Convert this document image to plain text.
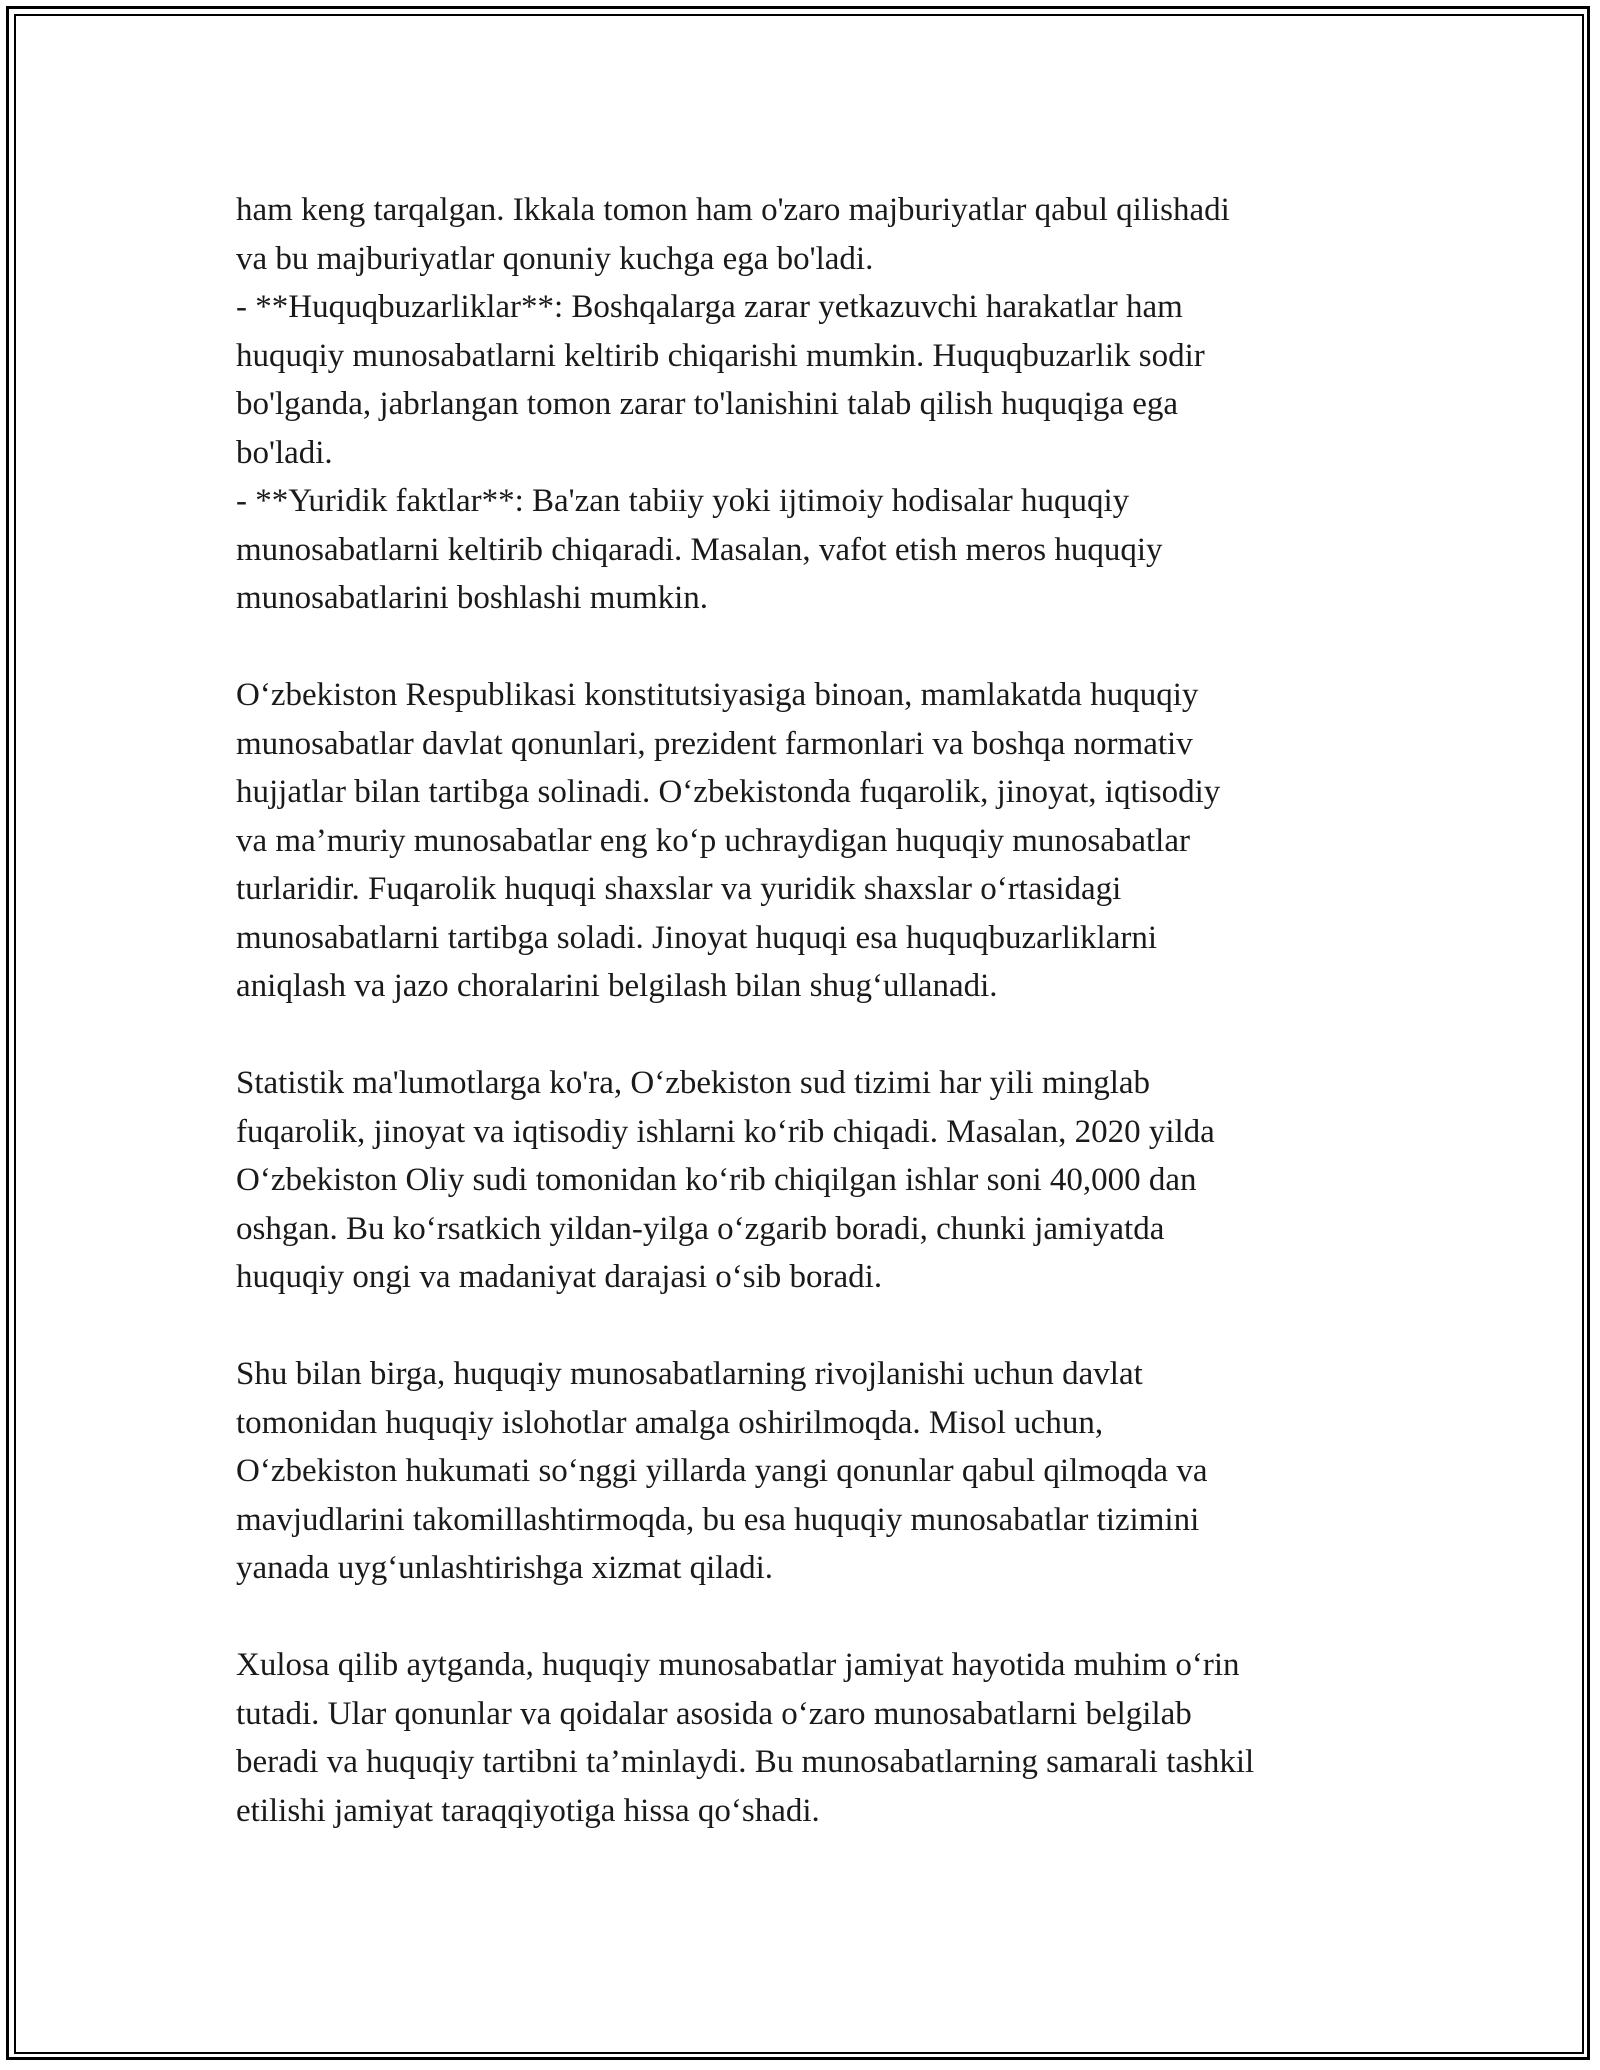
ham keng tarqalgan. Ikkala tomon ham o'zaro majburiyatlar qabul qilishadi
va bu majburiyatlar qonuniy kuchga ega bo'ladi.
- **Huquqbuzarliklar**: Boshqalarga zarar yetkazuvchi harakatlar ham
huquqiy munosabatlarni keltirib chiqarishi mumkin. Huquqbuzarlik sodir
bo'lganda, jabrlangan tomon zarar to'lanishini talab qilish huquqiga ega
bo'ladi.
- **Yuridik faktlar**: Ba'zan tabiiy yoki ijtimoiy hodisalar huquqiy
munosabatlarni keltirib chiqaradi. Masalan, vafot etish meros huquqiy
munosabatlarini boshlashi mumkin.
O‘zbekiston Respublikasi konstitutsiyasiga binoan, mamlakatda huquqiy
munosabatlar davlat qonunlari, prezident farmonlari va boshqa normativ
hujjatlar bilan tartibga solinadi. O‘zbekistonda fuqarolik, jinoyat, iqtisodiy
va ma’muriy munosabatlar eng ko‘p uchraydigan huquqiy munosabatlar
turlaridir. Fuqarolik huquqi shaxslar va yuridik shaxslar o‘rtasidagi
munosabatlarni tartibga soladi. Jinoyat huquqi esa huquqbuzarliklarni
aniqlash va jazo choralarini belgilash bilan shug‘ullanadi.
Statistik ma'lumotlarga ko'ra, O‘zbekiston sud tizimi har yili minglab
fuqarolik, jinoyat va iqtisodiy ishlarni ko‘rib chiqadi. Masalan, 2020 yilda
O‘zbekiston Oliy sudi tomonidan ko‘rib chiqilgan ishlar soni 40,000 dan
oshgan. Bu ko‘rsatkich yildan-yilga o‘zgarib boradi, chunki jamiyatda
huquqiy ongi va madaniyat darajasi o‘sib boradi.
Shu bilan birga, huquqiy munosabatlarning rivojlanishi uchun davlat
tomonidan huquqiy islohotlar amalga oshirilmoqda. Misol uchun,
O‘zbekiston hukumati so‘nggi yillarda yangi qonunlar qabul qilmoqda va
mavjudlarini takomillashtirmoqda, bu esa huquqiy munosabatlar tizimini
yanada uyg‘unlashtirishga xizmat qiladi.
Xulosa qilib aytganda, huquqiy munosabatlar jamiyat hayotida muhim o‘rin
tutadi. Ular qonunlar va qoidalar asosida o‘zaro munosabatlarni belgilab
beradi va huquqiy tartibni ta’minlaydi. Bu munosabatlarning samarali tashkil
etilishi jamiyat taraqqiyotiga hissa qo‘shadi.
